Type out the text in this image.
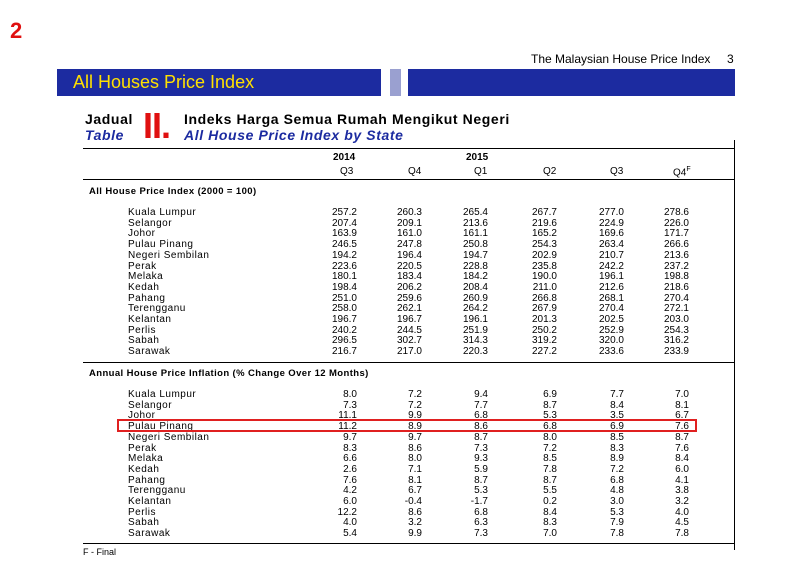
2
The Malaysian House Price Index 3
All Houses Price Index
Jadual
Table II. Indeks Harga Semua Rumah Mengikut Negeri
All House Price Index by State
2014	2015
Q3	Q4	Q1	Q2	Q3	$Q4^F$
All House Price Index (2000 = 100)
Kuala Lumpur	257.2	260.3	265.4	267.7	277.0	278.6
Selangor	207.4	209.1	213.6	219.6	224.9	226.0
Johor	163.9	161.0	161.1	165.2	169.6	171.7
Pulau Pinang	246.5	247.8	250.8	254.3	263.4	266.6
Negeri Sembilan	194.2	196.4	194.7	202.9	210.7	213.6
Perak	223.6	220.5	228.8	235.8	242.2	237.2
Melaka	180.1	183.4	184.2	190.0	196.1	198.8
Kedah	198.4	206.2	208.4	211.0	212.6	218.6
Pahang	251.0	259.6	260.9	266.8	268.1	270.4
Terengganu	258.0	262.1	264.2	267.9	270.4	272.1
Kelantan	196.7	196.7	196.1	201.3	202.5	203.0
Perlis	240.2	244.5	251.9	250.2	252.9	254.3
Sabah	296.5	302.7	314.3	319.2	320.0	316.2
Sarawak	216.7	217.0	220.3	227.2	233.6	233.9
Annual House Price Inflation (% Change Over 12 Months)
Kuala Lumpur	8.0	7.2	9.4	6.9	7.7	7.0
Selangor	7.3	7.2	7.7	8.7	8.4	8.1
Johor	11.1	9.9	6.8	5.3	3.5	6.7
Pulau Pinang	11.2	8.9	8.6	6.8	6.9	7.6
Negeri Sembilan	9.7	9.7	8.7	8.0	8.5	8.7
Perak	8.3	8.6	7.3	7.2	8.3	7.6
Melaka	6.6	8.0	9.3	8.5	8.9	8.4
Kedah	2.6	7.1	5.9	7.8	7.2	6.0
Pahang	7.6	8.1	8.7	8.7	6.8	4.1
Terengganu	4.2	6.7	5.3	5.5	4.8	3.8
Kelantan	6.0	-0.4	-1.7	0.2	3.0	3.2
Perlis	12.2	8.6	6.8	8.4	5.3	4.0
Sabah	4.0	3.2	6.3	8.3	7.9	4.5
Sarawak	5.4	9.9	7.3	7.0	7.8	7.8
F - Final
